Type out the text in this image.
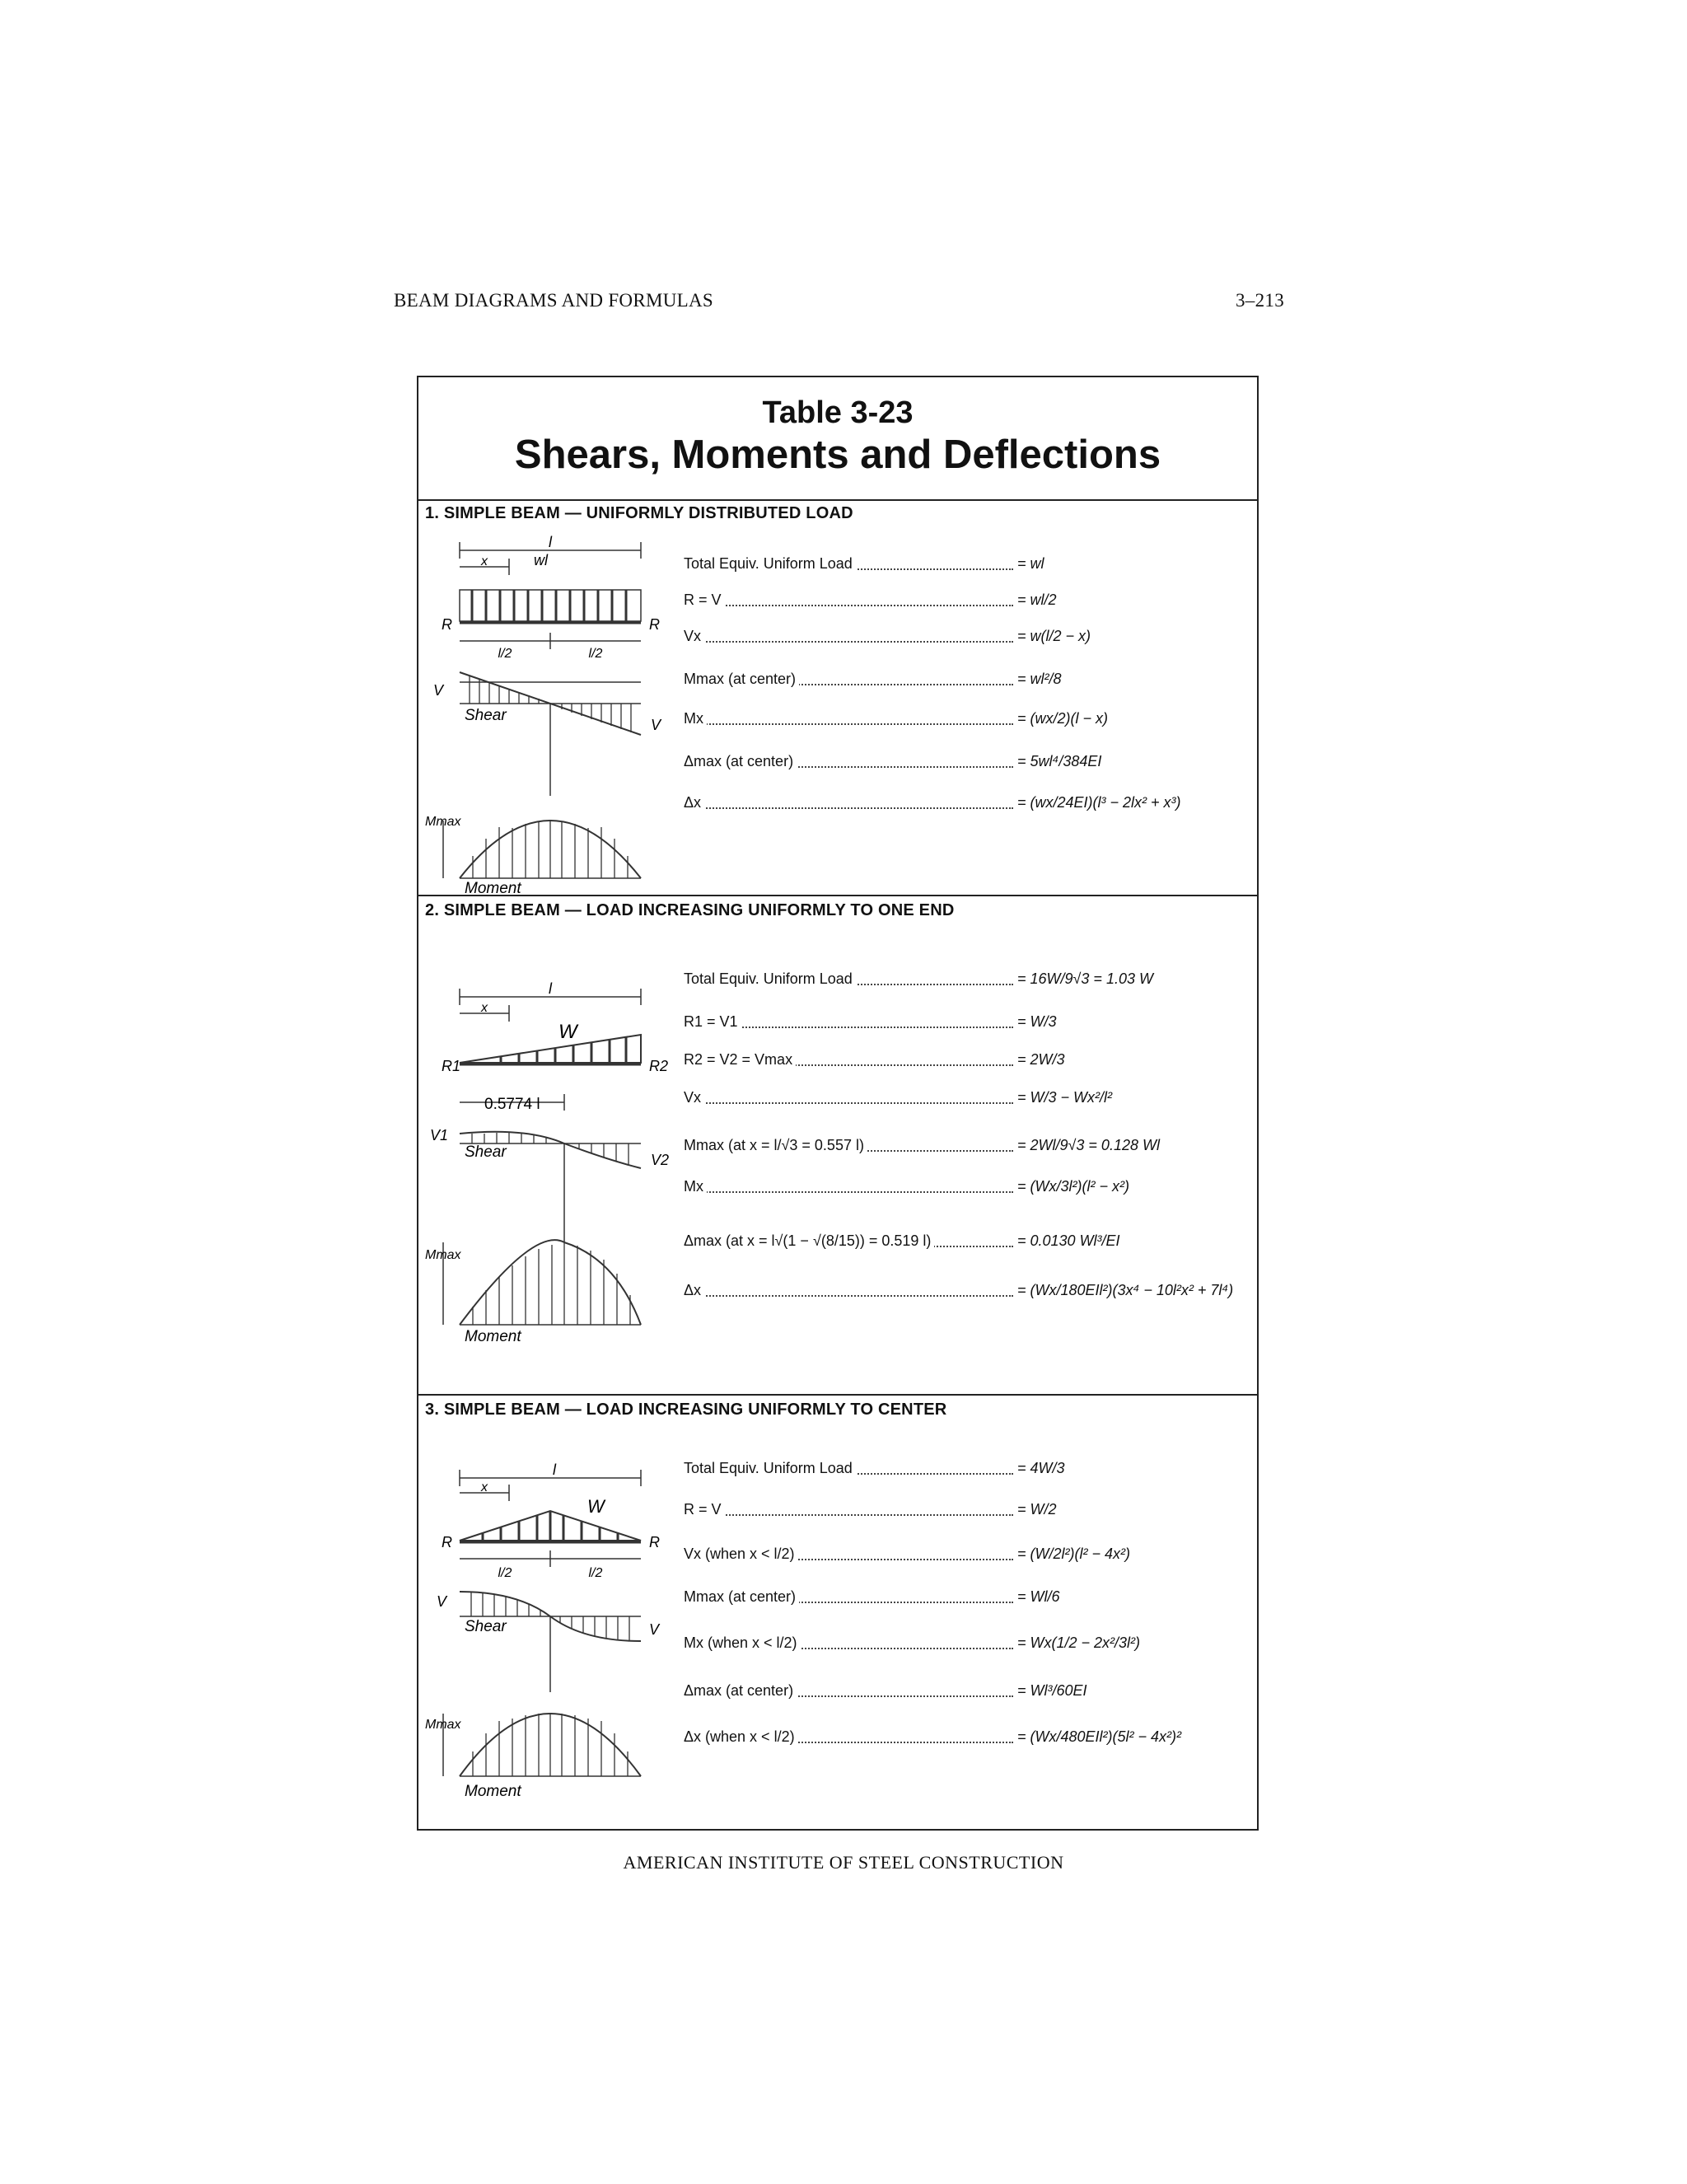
BEAM DIAGRAMS AND FORMULAS	3–213
Table 3-23
Shears, Moments and Deflections
1. SIMPLE BEAM — UNIFORMLY DISTRIBUTED LOAD
l
x	wl
R	R
l/2	l/2
V
V
Shear
Mmax
Moment
Total Equiv. Uniform Load	= wl
R = V	= wl/2
Vx	= w(l/2 − x)
Mmax (at center)	= wl²/8
Mx	= (wx/2)(l − x)
Δmax (at center)	= 5wl⁴/384EI
Δx	= (wx/24EI)(l³ − 2lx² + x³)
2. SIMPLE BEAM — LOAD INCREASING UNIFORMLY TO ONE END
l
x
W
R1	R2
0.5774 l
V1
V2
Shear
Mmax
Moment
Total Equiv. Uniform Load	= 16W/9√3 = 1.03 W
R1 = V1	= W/3
R2 = V2 = Vmax	= 2W/3
Vx	= W/3 − Wx²/l²
Mmax (at x = l/√3 = 0.557 l)	= 2Wl/9√3 = 0.128 Wl
Mx	= (Wx/3l²)(l² − x²)
Δmax (at x = l√(1 − √(8/15)) = 0.519 l)	= 0.0130 Wl³/EI
Δx	= (Wx/180EIl²)(3x⁴ − 10l²x² + 7l⁴)
3. SIMPLE BEAM — LOAD INCREASING UNIFORMLY TO CENTER
l
x
W
R	R
l/2	l/2
V
V
Shear
Mmax
Moment
Total Equiv. Uniform Load	= 4W/3
R = V	= W/2
Vx (when x < l/2)	= (W/2l²)(l² − 4x²)
Mmax (at center)	= Wl/6
Mx (when x < l/2)	= Wx(1/2 − 2x²/3l²)
Δmax (at center)	= Wl³/60EI
Δx (when x < l/2)	= (Wx/480EIl²)(5l² − 4x²)²
AMERICAN INSTITUTE OF STEEL CONSTRUCTION
